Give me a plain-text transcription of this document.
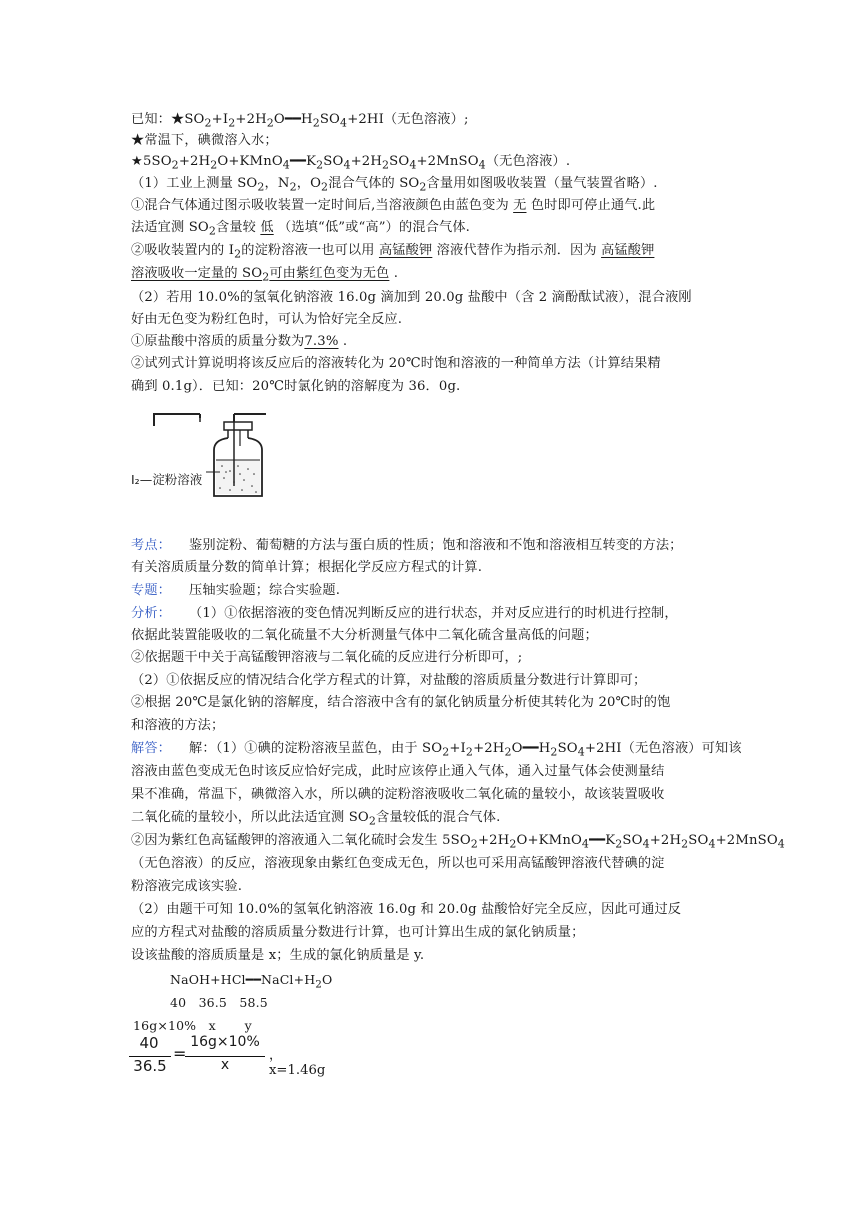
已知：$★SO_2+I_2+2H_2O━━H_2SO_4+2HI$（无色溶液）;
★常温下，碘微溶入水；
$★5SO_2+2H_2O+KMnO_4━━K_2SO_4+2H_2SO_4+2MnSO_4$（无色溶液）.
（1）工业上测量 $SO_2$，$N_2$，$O_2$混合气体的 $SO_2$含量用如图吸收装置（量气装置省略）.
①混合气体通过图示吸收装置一定时间后,当溶液颜色由蓝色变为 无 色时即可停止通气.此
法适宜测 $SO_2$含量较 低 （选填“低”或“高”）的混合气体.
②吸收装置内的 $I_2$的淀粉溶液一也可以用 高锰酸钾 溶液代替作为指示剂．因为 高锰酸钾
溶液吸收一定量的 $SO_2$可由紫红色变为无色 .
（2）若用 10.0%的氢氧化钠溶液 16.0g 滴加到 20.0g 盐酸中（含 2 滴酚酞试液），混合液刚
好由无色变为粉红色时，可认为恰好完全反应.
①原盐酸中溶质的质量分数为7.3% .
②试列式计算说明将该反应后的溶液转化为 20℃时饱和溶液的一种简单方法（计算结果精
确到 0.1g）．已知：20℃时氯化钠的溶解度为 36．0g.
I₂—淀粉溶液
考点： 鉴别淀粉、葡萄糖的方法与蛋白质的性质；饱和溶液和不饱和溶液相互转变的方法；
有关溶质质量分数的简单计算；根据化学反应方程式的计算.
专题： 压轴实验题；综合实验题.
分析： （1）①依据溶液的变色情况判断反应的进行状态，并对反应进行的时机进行控制，
依据此装置能吸收的二氧化硫量不大分析测量气体中二氧化硫含量高低的问题；
②依据题干中关于高锰酸钾溶液与二氧化硫的反应进行分析即可，;
（2）①依据反应的情况结合化学方程式的计算，对盐酸的溶质质量分数进行计算即可；
②根据 20℃是氯化钠的溶解度，结合溶液中含有的氯化钠质量分析使其转化为 20℃时的饱
和溶液的方法；
解答： 解：（1）①碘的淀粉溶液呈蓝色，由于 $SO_2+I_2+2H_2O━━H_2SO_4+2HI$（无色溶液）可知该
溶液由蓝色变成无色时该反应恰好完成，此时应该停止通入气体，通入过量气体会使测量结
果不准确，常温下，碘微溶入水，所以碘的淀粉溶液吸收二氧化硫的量较小，故该装置吸收
二氧化硫的量较小，所以此法适宜测 $SO_2$含量较低的混合气体.
②因为紫红色高锰酸钾的溶液通入二氧化硫时会发生 $5SO_2+2H_2O+KMnO_4━━K_2SO_4+2H_2SO_4+2MnSO_4$
（无色溶液）的反应，溶液现象由紫红色变成无色，所以也可采用高锰酸钾溶液代替碘的淀
粉溶液完成该实验.
（2）由题干可知 10.0%的氢氧化钠溶液 16.0g 和 20.0g 盐酸恰好完全反应，因此可通过反
应的方程式对盐酸的溶质质量分数进行计算，也可计算出生成的氯化钠质量；
设该盐酸的溶质质量是 x；生成的氯化钠质量是 y.
$NaOH+HCl━━NaCl+H_2O$
40   36.5   58.5
16g×10%   x       y
40
36.5
=
16g×10%
x
，x=1.46g
